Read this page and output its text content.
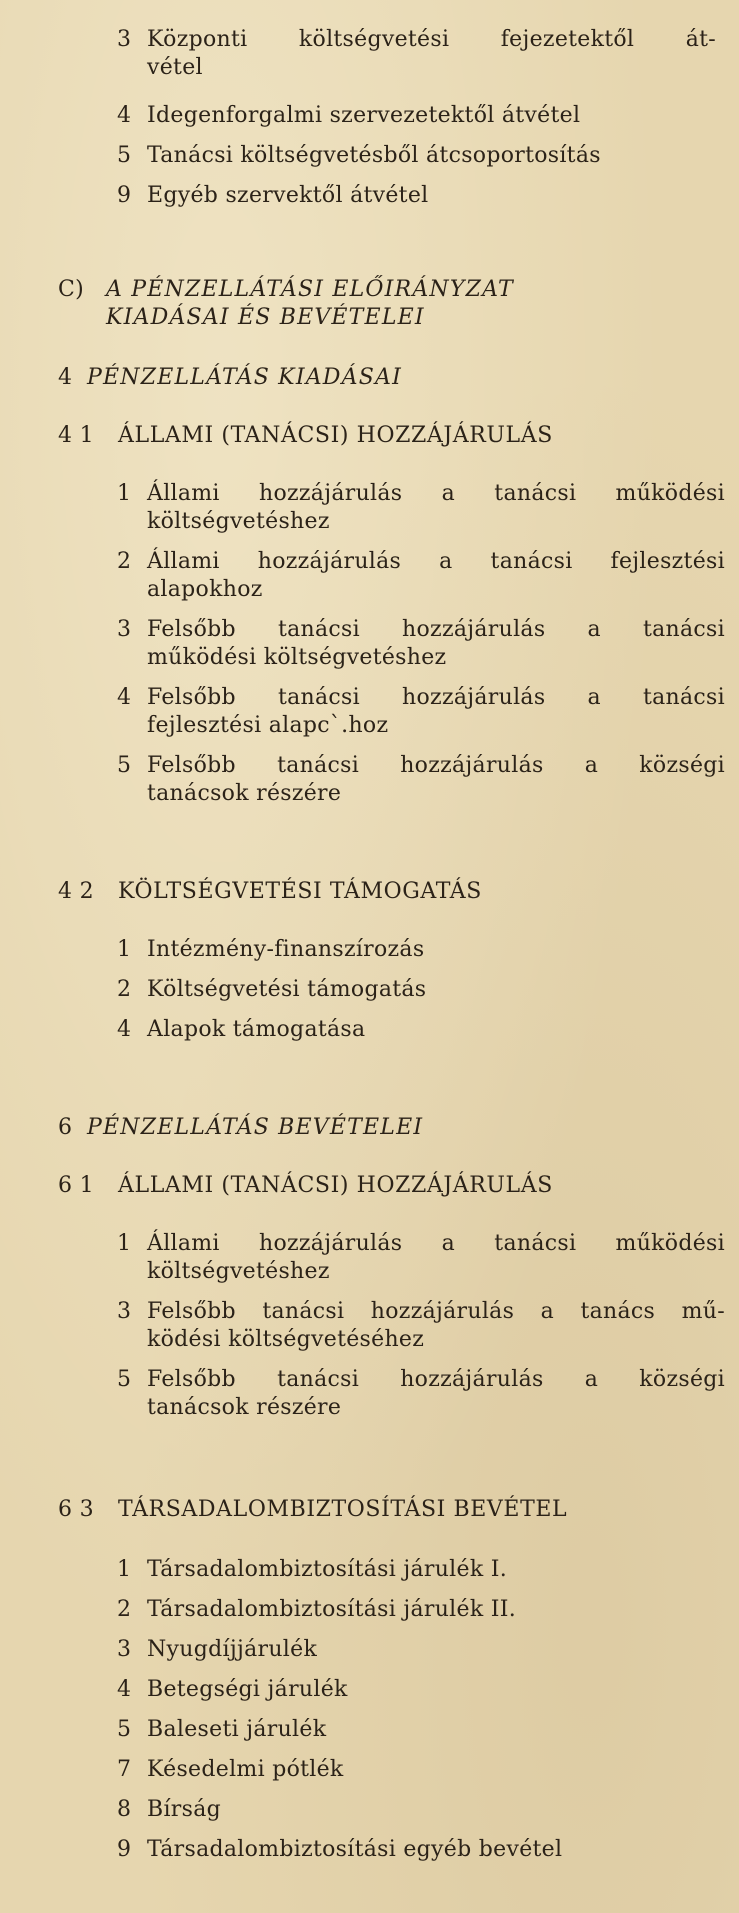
3 Központi költségvetési fejezetektől át-
vétel
4 Idegenforgalmi szervezetektől átvétel
5 Tanácsi költségvetésből átcsoportosítás
9 Egyéb szervektől átvétel
C) A PÉNZELLÁTÁSI ELŐIRÁNYZAT
KIADÁSAI ÉS BEVÉTELEI
4 PÉNZELLÁTÁS KIADÁSAI
4 1 ÁLLAMI (TANÁCSI) HOZZÁJÁRULÁS
1 Állami hozzájárulás a tanácsi működési
költségvetéshez
2 Állami hozzájárulás a tanácsi fejlesztési
alapokhoz
3 Felsőbb tanácsi hozzájárulás a tanácsi
működési költségvetéshez
4 Felsőbb tanácsi hozzájárulás a tanácsi
fejlesztési alapc`.hoz
5 Felsőbb tanácsi hozzájárulás a községi
tanácsok részére
4 2 KÖLTSÉGVETÉSI TÁMOGATÁS
1 Intézmény-finanszírozás
2 Költségvetési támogatás
4 Alapok támogatása
6 PÉNZELLÁTÁS BEVÉTELEI
6 1 ÁLLAMI (TANÁCSI) HOZZÁJÁRULÁS
1 Állami hozzájárulás a tanácsi működési
költségvetéshez
3 Felsőbb tanácsi hozzájárulás a tanács mű-
ködési költségvetéséhez
5 Felsőbb tanácsi hozzájárulás a községi
tanácsok részére
6 3 TÁRSADALOMBIZTOSÍTÁSI BEVÉTEL
1 Társadalombiztosítási járulék I.
2 Társadalombiztosítási járulék II.
3 Nyugdíjjárulék
4 Betegségi járulék
5 Baleseti járulék
7 Késedelmi pótlék
8 Bírság
9 Társadalombiztosítási egyéb bevétel
